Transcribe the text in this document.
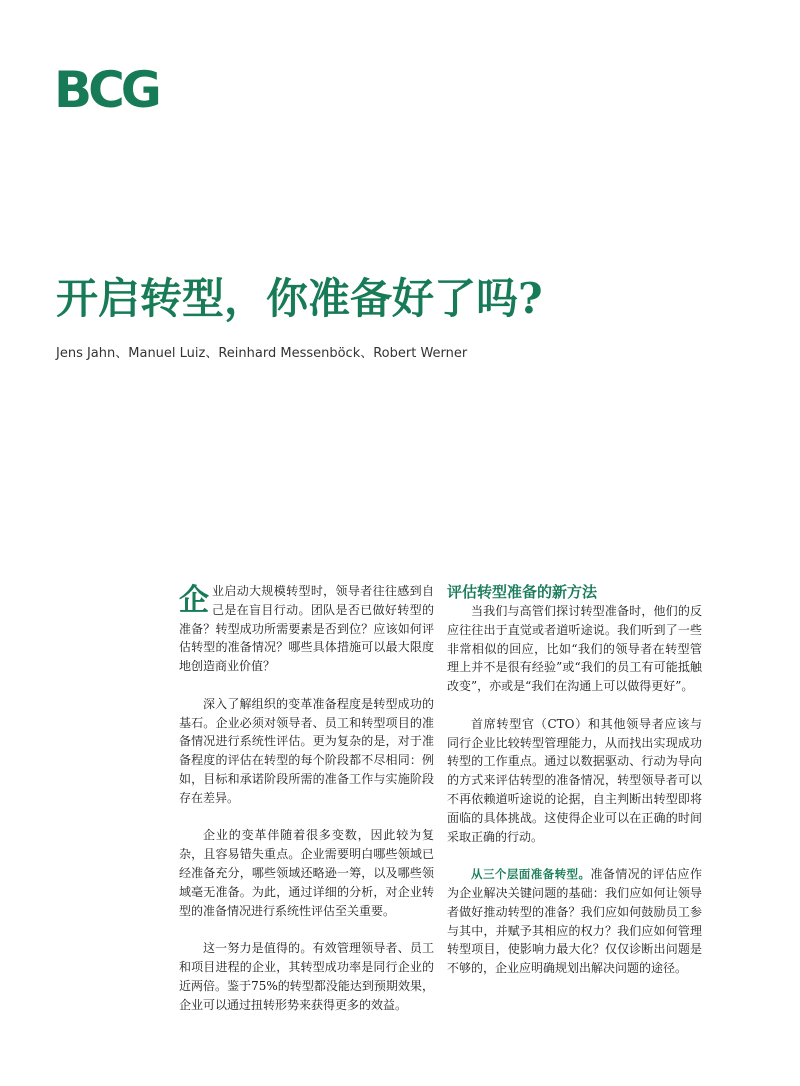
BCG
开启转型，你准备好了吗?
Jens Jahn、Manuel Luiz、Reinhard Messenböck、Robert Werner

企业启动大规模转型时，领导者往往感到自己是在盲目行动。团队是否已做好转型的准备？转型成功所需要素是否到位？应该如何评估转型的准备情况？哪些具体措施可以最大限度地创造商业价值？

深入了解组织的变革准备程度是转型成功的基石。企业必须对领导者、员工和转型项目的准备情况进行系统性评估。更为复杂的是，对于准备程度的评估在转型的每个阶段都不尽相同：例如，目标和承诺阶段所需的准备工作与实施阶段存在差异。

企业的变革伴随着很多变数，因此较为复杂，且容易错失重点。企业需要明白哪些领域已经准备充分，哪些领域还略逊一筹，以及哪些领域毫无准备。为此，通过详细的分析，对企业转型的准备情况进行系统性评估至关重要。

这一努力是值得的。有效管理领导者、员工和项目进程的企业，其转型成功率是同行企业的近两倍。鉴于75%的转型都没能达到预期效果，企业可以通过扭转形势来获得更多的效益。

评估转型准备的新方法

当我们与高管们探讨转型准备时，他们的反应往往出于直觉或者道听途说。我们听到了一些非常相似的回应，比如“我们的领导者在转型管理上并不是很有经验”或“我们的员工有可能抵触改变”，亦或是“我们在沟通上可以做得更好”。

首席转型官（CTO）和其他领导者应该与同行企业比较转型管理能力，从而找出实现成功转型的工作重点。通过以数据驱动、行动为导向的方式来评估转型的准备情况，转型领导者可以不再依赖道听途说的论据，自主判断出转型即将面临的具体挑战。这使得企业可以在正确的时间采取正确的行动。

从三个层面准备转型。准备情况的评估应作为企业解决关键问题的基础：我们应如何让领导者做好推动转型的准备？我们应如何鼓励员工参与其中，并赋予其相应的权力？我们应如何管理转型项目，使影响力最大化？仅仅诊断出问题是不够的，企业应明确规划出解决问题的途径。
